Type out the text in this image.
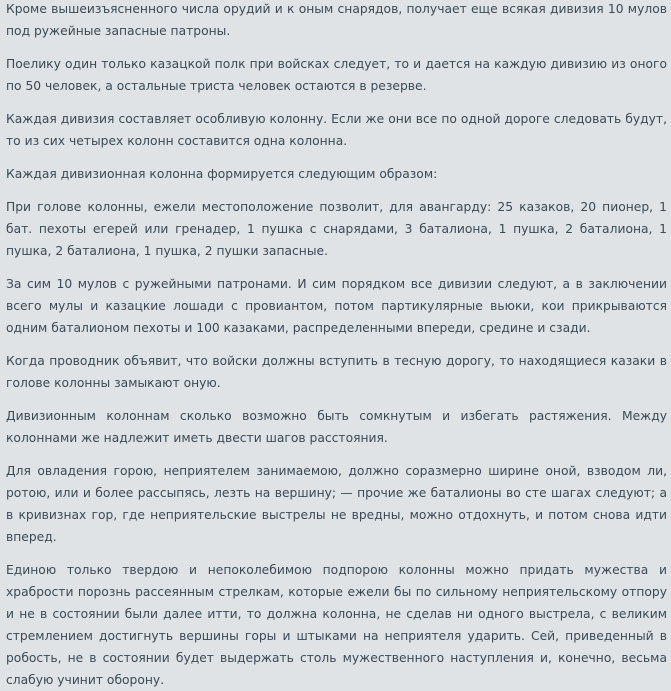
Кроме вышеизъясненного числа орудий и к оным снарядов, получает еще всякая дивизия 10 мулов под ружейные запасные патроны.

Поелику один только казацкой полк при войсках следует, то и дается на каждую дивизию из оного по 50 человек, а остальные триста человек остаются в резерве.

Каждая дивизия составляет особливую колонну. Если же они все по одной дороге следовать будут, то из сих четырех колонн составится одна колонна.

Каждая дивизионная колонна формируется следующим образом:

При голове колонны, ежели местоположение позволит, для авангарду: 25 казаков, 20 пионер, 1 бат. пехоты егерей или гренадер, 1 пушка с снарядами, 3 баталиона, 1 пушка, 2 баталиона, 1 пушка, 2 баталиона, 1 пушка, 2 пушки запасные.

За сим 10 мулов с ружейными патронами. И сим порядком все дивизии следуют, а в заключении всего мулы и казацкие лошади с провиантом, потом партикулярные вьюки, кои прикрываются одним баталионом пехоты и 100 казаками, распределенными впереди, средине и сзади.

Когда проводник объявит, что войски должны вступить в тесную дорогу, то находящиеся казаки в голове колонны замыкают оную.

Дивизионным колоннам сколько возможно быть сомкнутым и избегать растяжения. Между колоннами же надлежит иметь двести шагов расстояния.

Для овладения горою, неприятелем занимаемою, должно соразмерно ширине оной, взводом ли, ротою, или и более рассыпясь, лезть на вершину; — прочие же баталионы во сте шагах следуют; а в кривизнах гор, где неприятельские выстрелы не вредны, можно отдохнуть, и потом снова идти вперед.

Единою только твердою и непоколебимою подпорою колонны можно придать мужества и храбрости порознь рассеянным стрелкам, которые ежели бы по сильному неприятельскому отпору и не в состоянии были далее итти, то должна колонна, не сделав ни одного выстрела, с великим стремлением достигнуть вершины горы и штыками на неприятеля ударить. Сей, приведенный в робость, не в состоянии будет выдержать столь мужественного наступления и, конечно, весьма слабую учинит оборону.
